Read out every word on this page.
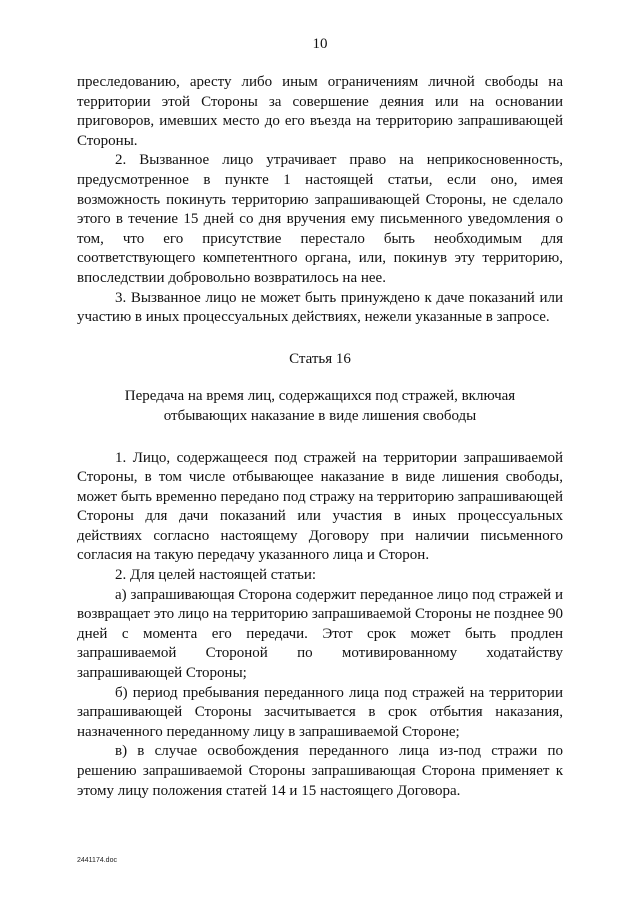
10

преследованию, аресту либо иным ограничениям личной свободы на территории этой Стороны за совершение деяния или на основании приговоров, имевших место до его въезда на территорию запрашивающей Стороны.

2. Вызванное лицо утрачивает право на неприкосновенность, предусмотренное в пункте 1 настоящей статьи, если оно, имея возможность покинуть территорию запрашивающей Стороны, не сделало этого в течение 15 дней со дня вручения ему письменного уведомления о том, что его присутствие перестало быть необходимым для соответствующего компетентного органа, или, покинув эту территорию, впоследствии добровольно возвратилось на нее.

3. Вызванное лицо не может быть принуждено к даче показаний или участию в иных процессуальных действиях, нежели указанные в запросе.

Статья 16

Передача на время лиц, содержащихся под стражей, включая отбывающих наказание в виде лишения свободы

1. Лицо, содержащееся под стражей на территории запрашиваемой Стороны, в том числе отбывающее наказание в виде лишения свободы, может быть временно передано под стражу на территорию запрашивающей Стороны для дачи показаний или участия в иных процессуальных действиях согласно настоящему Договору при наличии письменного согласия на такую передачу указанного лица и Сторон.

2. Для целей настоящей статьи:

а) запрашивающая Сторона содержит переданное лицо под стражей и возвращает это лицо на территорию запрашиваемой Стороны не позднее 90 дней с момента его передачи. Этот срок может быть продлен запрашиваемой Стороной по мотивированному ходатайству запрашивающей Стороны;

б) период пребывания переданного лица под стражей на территории запрашивающей Стороны засчитывается в срок отбытия наказания, назначенного переданному лицу в запрашиваемой Стороне;

в) в случае освобождения переданного лица из-под стражи по решению запрашиваемой Стороны запрашивающая Сторона применяет к этому лицу положения статей 14 и 15 настоящего Договора.

2441174.doc
